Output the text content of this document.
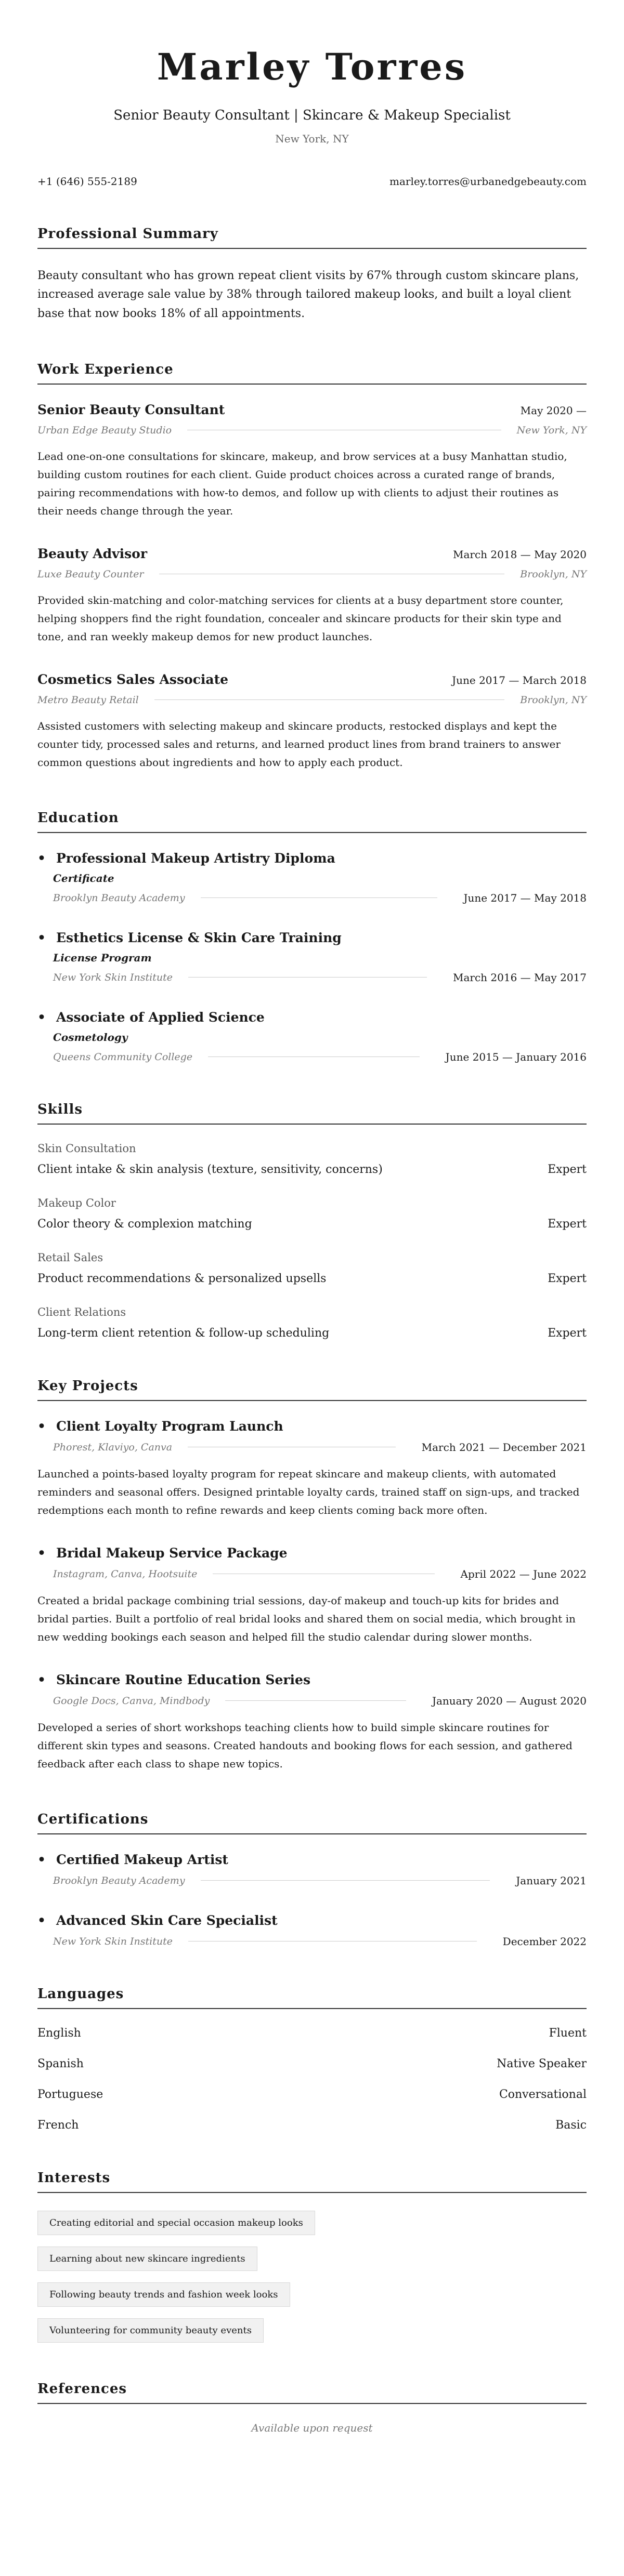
Marley Torres
Senior Beauty Consultant | Skincare & Makeup Specialist
New York, NY
+1 (646) 555-2189	marley.torres@urbanedgebeauty.com
Professional Summary

Beauty consultant who has grown repeat client visits by 67% through custom skincare plans, increased average sale value by 38% through tailored makeup looks, and built a loyal client base that now books 18% of all appointments.

Work Experience
Senior Beauty Consultant	May 2020 —
Urban Edge Beauty Studio	New York, NY

Lead one-on-one consultations for skincare, makeup, and brow services at a busy Manhattan studio, building custom routines for each client. Guide product choices across a curated range of brands, pairing recommendations with how-to demos, and follow up with clients to adjust their routines as their needs change through the year.

Beauty Advisor	March 2018 — May 2020
Luxe Beauty Counter	Brooklyn, NY

Provided skin-matching and color-matching services for clients at a busy department store counter, helping shoppers find the right foundation, concealer and skincare products for their skin type and tone, and ran weekly makeup demos for new product launches.

Cosmetics Sales Associate	June 2017 — March 2018
Metro Beauty Retail	Brooklyn, NY

Assisted customers with selecting makeup and skincare products, restocked displays and kept the counter tidy, processed sales and returns, and learned product lines from brand trainers to answer common questions about ingredients and how to apply each product.

Education
• Professional Makeup Artistry Diploma
Certificate
Brooklyn Beauty Academy	June 2017 — May 2018
• Esthetics License & Skin Care Training
License Program
New York Skin Institute	March 2016 — May 2017
• Associate of Applied Science
Cosmetology
Queens Community College	June 2015 — January 2016
Skills
Skin Consultation
Client intake & skin analysis (texture, sensitivity, concerns)	Expert
Makeup Color
Color theory & complexion matching	Expert
Retail Sales
Product recommendations & personalized upsells	Expert
Client Relations
Long-term client retention & follow-up scheduling	Expert
Key Projects
• Client Loyalty Program Launch
Phorest, Klaviyo, Canva	March 2021 — December 2021

Launched a points-based loyalty program for repeat skincare and makeup clients, with automated reminders and seasonal offers. Designed printable loyalty cards, trained staff on sign-ups, and tracked redemptions each month to refine rewards and keep clients coming back more often.

• Bridal Makeup Service Package
Instagram, Canva, Hootsuite	April 2022 — June 2022

Created a bridal package combining trial sessions, day-of makeup and touch-up kits for brides and bridal parties. Built a portfolio of real bridal looks and shared them on social media, which brought in new wedding bookings each season and helped fill the studio calendar during slower months.

• Skincare Routine Education Series
Google Docs, Canva, Mindbody	January 2020 — August 2020

Developed a series of short workshops teaching clients how to build simple skincare routines for different skin types and seasons. Created handouts and booking flows for each session, and gathered feedback after each class to shape new topics.

Certifications
• Certified Makeup Artist
Brooklyn Beauty Academy	January 2021
• Advanced Skin Care Specialist
New York Skin Institute	December 2022
Languages
English	Fluent
Spanish	Native Speaker
Portuguese	Conversational
French	Basic
Interests
Creating editorial and special occasion makeup looks
Learning about new skincare ingredients
Following beauty trends and fashion week looks
Volunteering for community beauty events
References
Available upon request
